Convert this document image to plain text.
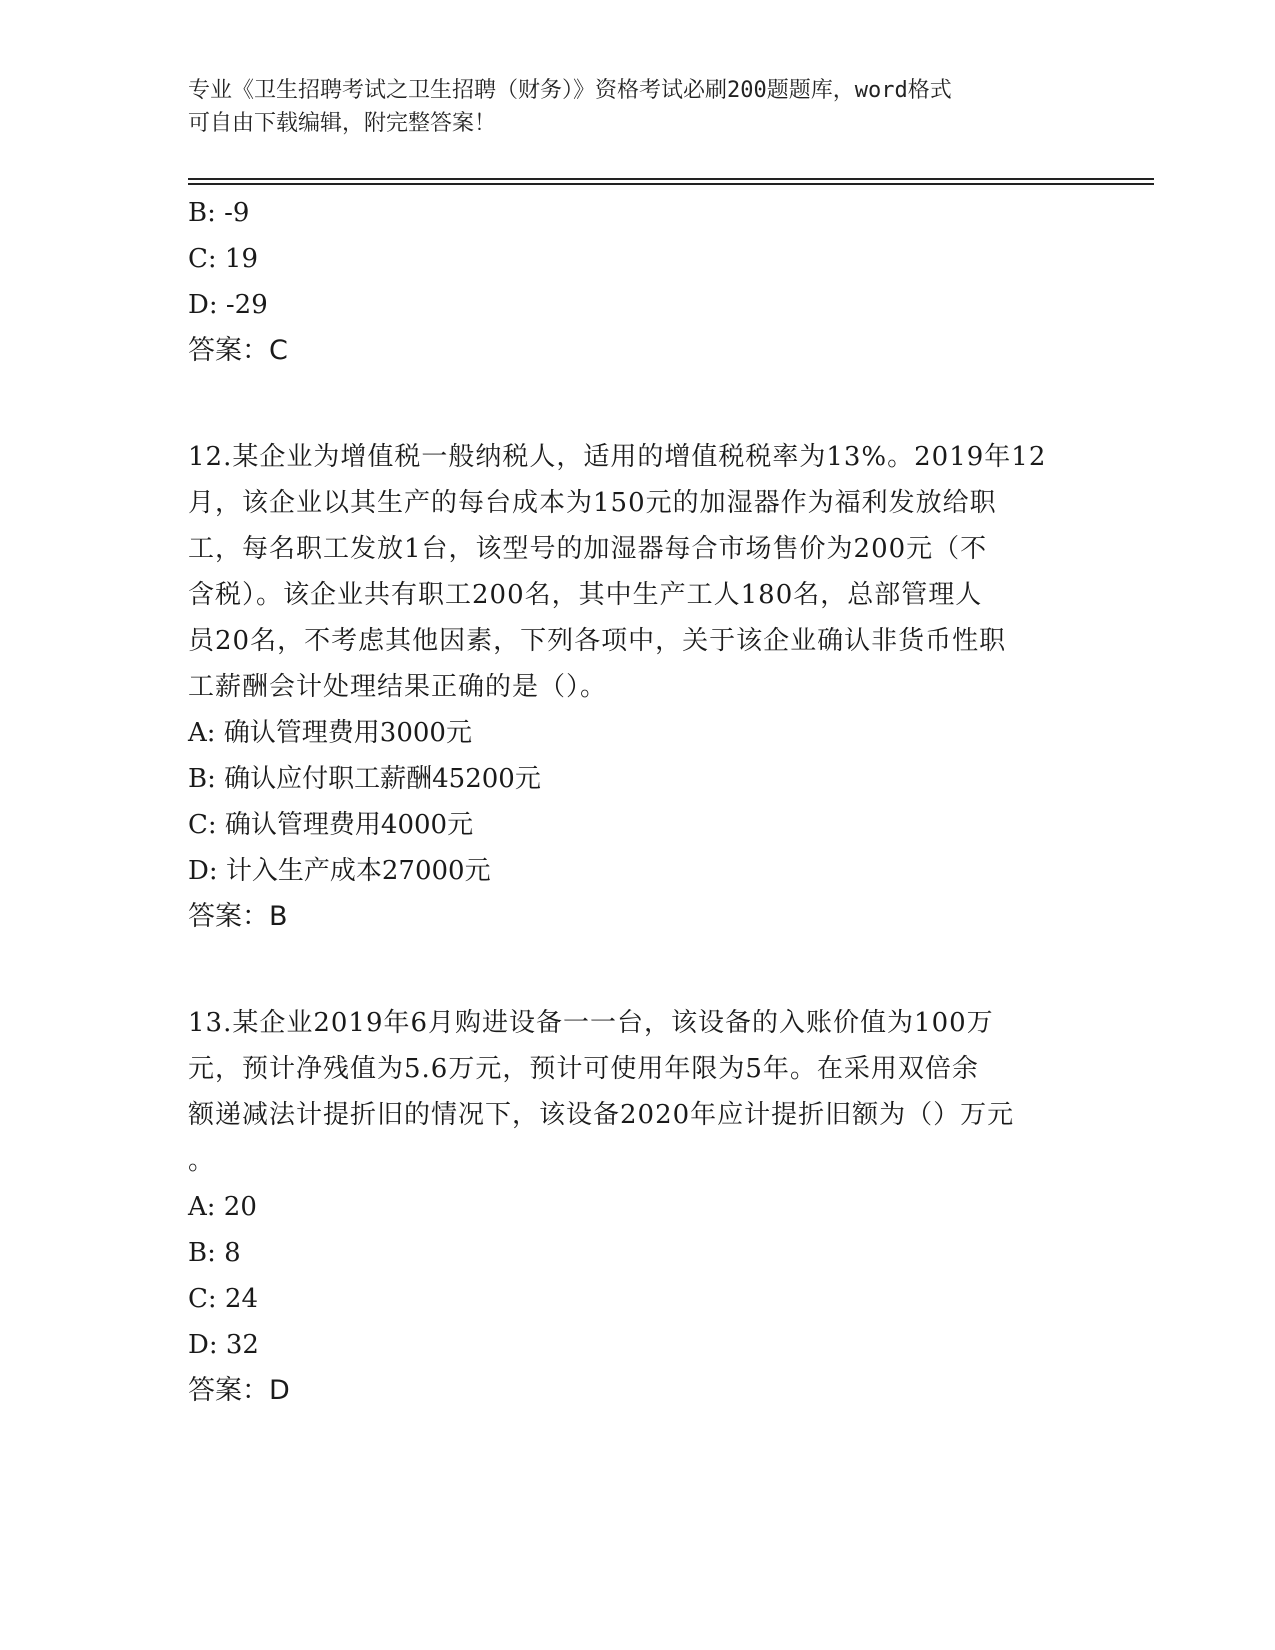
专业《卫生招聘考试之卫生招聘（财务）》资格考试必刷200题题库，word格式
可自由下载编辑，附完整答案！
B: -9
C: 19
D: -29
答案：C
12.某企业为增值税一般纳税人，适用的增值税税率为13%。2019年12
月，该企业以其生产的每台成本为150元的加湿器作为福利发放给职
工，每名职工发放1台，该型号的加湿器每合市场售价为200元（不
含税）。该企业共有职工200名，其中生产工人180名，总部管理人
员20名，不考虑其他因素，下列各项中，关于该企业确认非货币性职
工薪酬会计处理结果正确的是（）。
A: 确认管理费用3000元
B: 确认应付职工薪酬45200元
C: 确认管理费用4000元
D: 计入生产成本27000元
答案：B
13.某企业2019年6月购进设备一一台，该设备的入账价值为100万
元，预计净残值为5.6万元，预计可使用年限为5年。在采用双倍余
额递减法计提折旧的情况下，该设备2020年应计提折旧额为（）万元
。
A: 20
B: 8
C: 24
D: 32
答案：D
